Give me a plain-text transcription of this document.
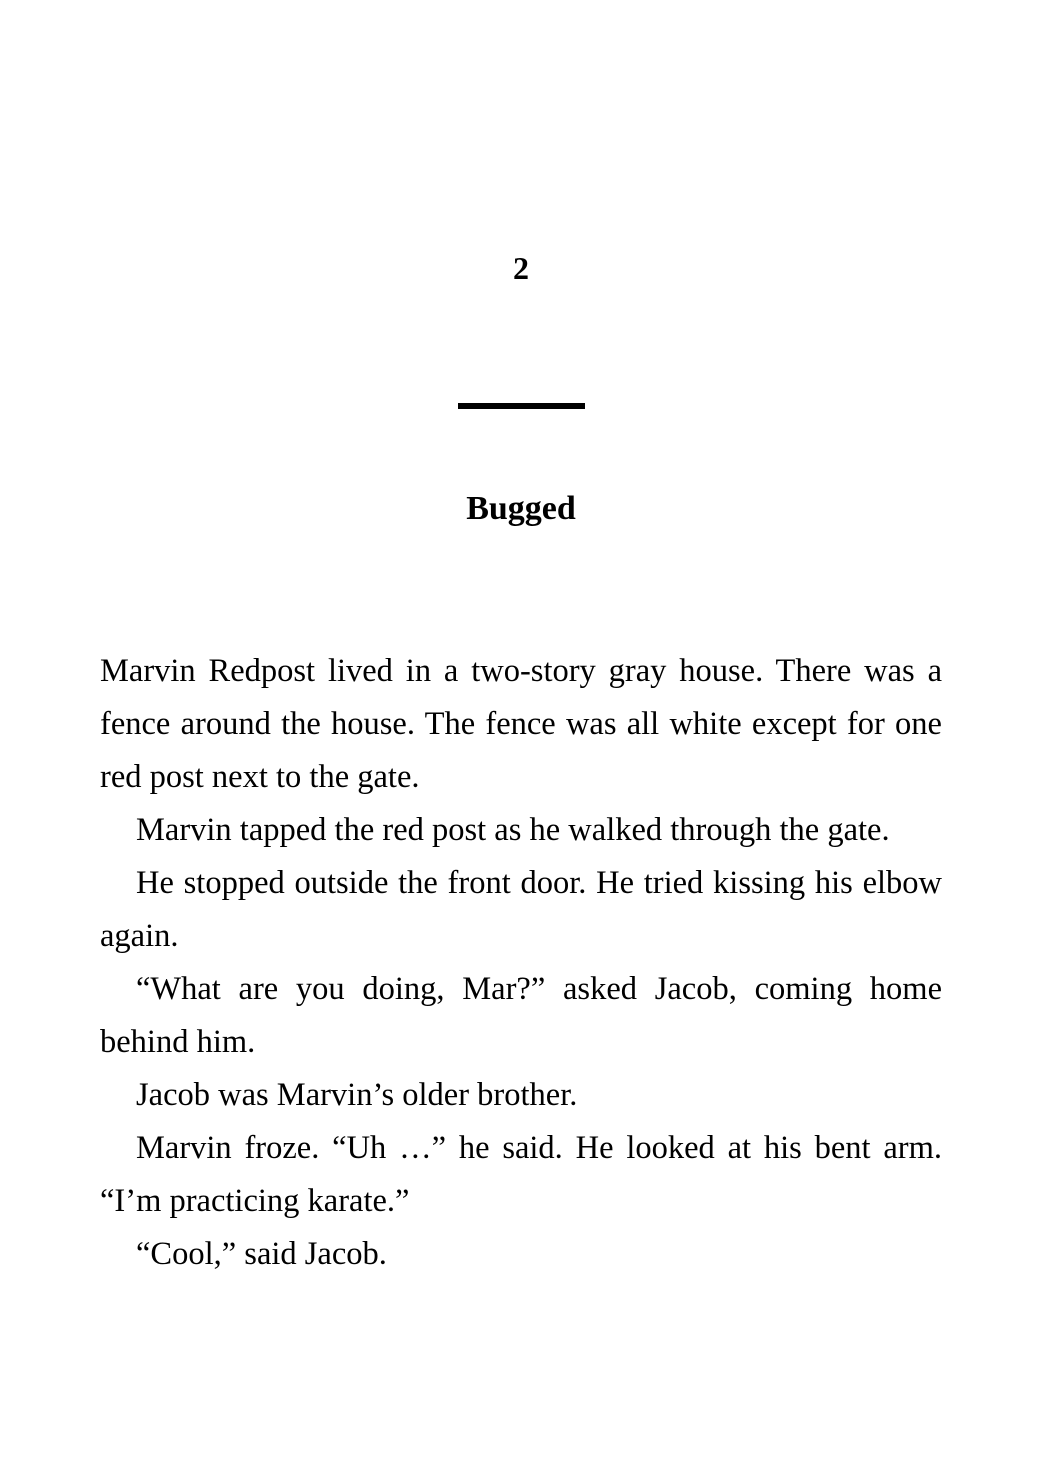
2
Bugged

Marvin Redpost lived in a two-story gray house. There was a fence around the house. The fence was all white except for one red post next to the gate.

Marvin tapped the red post as he walked through the gate.

He stopped outside the front door. He tried kissing his elbow again.

“What are you doing, Mar?” asked Jacob, coming home behind him.

Jacob was Marvin’s older brother.

Marvin froze. “Uh …” he said. He looked at his bent arm. “I’m practicing karate.”

“Cool,” said Jacob.
